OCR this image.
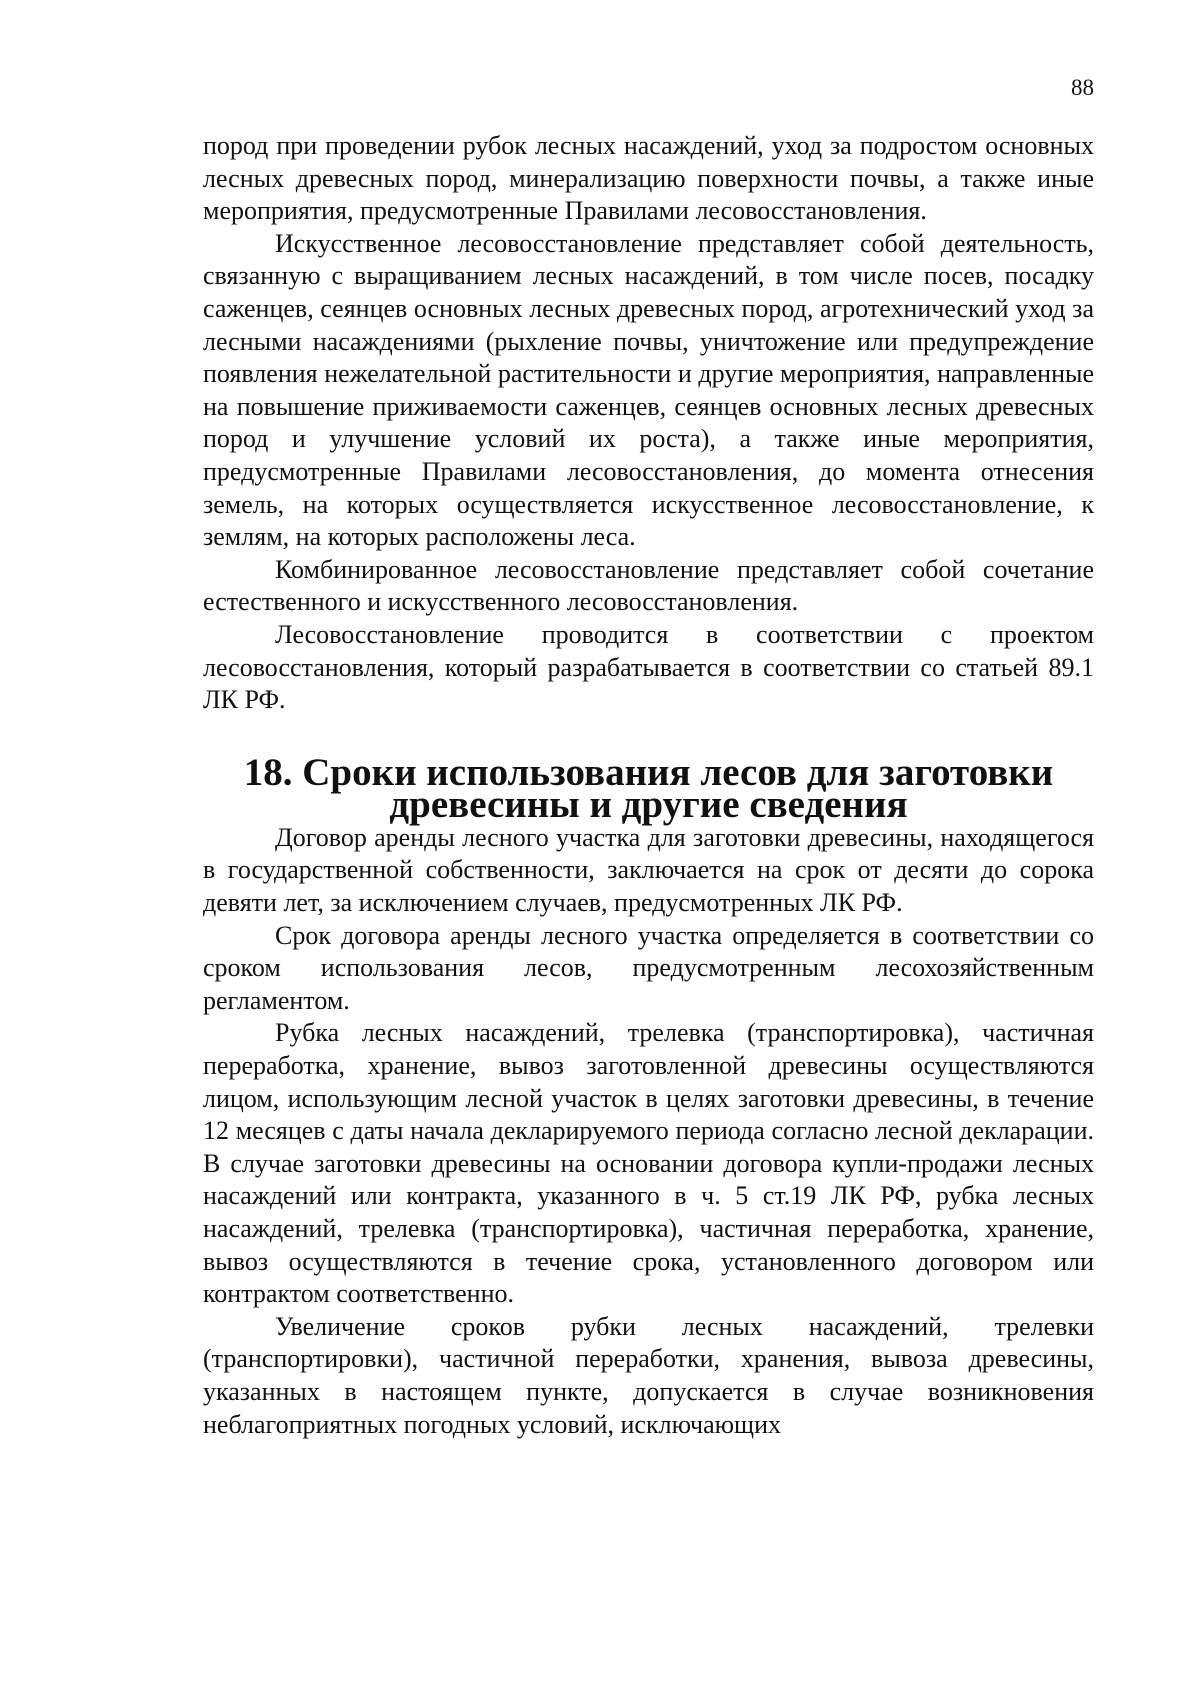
88

пород при проведении рубок лесных насаждений, уход за подростом основных лесных древесных пород, минерализацию поверхности почвы, а также иные мероприятия, предусмотренные Правилами лесовосстановления.

Искусственное лесовосстановление представляет собой деятельность, связанную с выращиванием лесных насаждений, в том числе посев, посадку саженцев, сеянцев основных лесных древесных пород, агротехнический уход за лесными насаждениями (рыхление почвы, уничтожение или предупреждение появления нежелательной растительности и другие мероприятия, направленные на повышение приживаемости саженцев, сеянцев основных лесных древесных пород и улучшение условий их роста), а также иные мероприятия, предусмотренные Правилами лесовосстановления, до момента отнесения земель, на которых осуществляется искусственное лесовосстановление, к землям, на которых расположены леса.

Комбинированное лесовосстановление представляет собой сочетание естественного и искусственного лесовосстановления.

Лесовосстановление проводится в соответствии с проектом лесовосстановления, который разрабатывается в соответствии со статьей 89.1 ЛК РФ.

18. Сроки использования лесов для заготовки
древесины и другие сведения

Договор аренды лесного участка для заготовки древесины, находящегося в государственной собственности, заключается на срок от десяти до сорока девяти лет, за исключением случаев, предусмотренных ЛК РФ.

Срок договора аренды лесного участка определяется в соответствии со сроком использования лесов, предусмотренным лесохозяйственным регламентом.

Рубка лесных насаждений, трелевка (транспортировка), частичная переработка, хранение, вывоз заготовленной древесины осуществляются лицом, использующим лесной участок в целях заготовки древесины, в течение 12 месяцев с даты начала декларируемого периода согласно лесной декларации. В случае заготовки древесины на основании договора купли-продажи лесных насаждений или контракта, указанного в ч. 5 ст.19 ЛК РФ, рубка лесных насаждений, трелевка (транспортировка), частичная переработка, хранение, вывоз осуществляются в течение срока, установленного договором или контрактом соответственно.

Увеличение сроков рубки лесных насаждений, трелевки (транспортировки), частичной переработки, хранения, вывоза древесины, указанных в настоящем пункте, допускается в случае возникновения неблагоприятных погодных условий, исключающих
